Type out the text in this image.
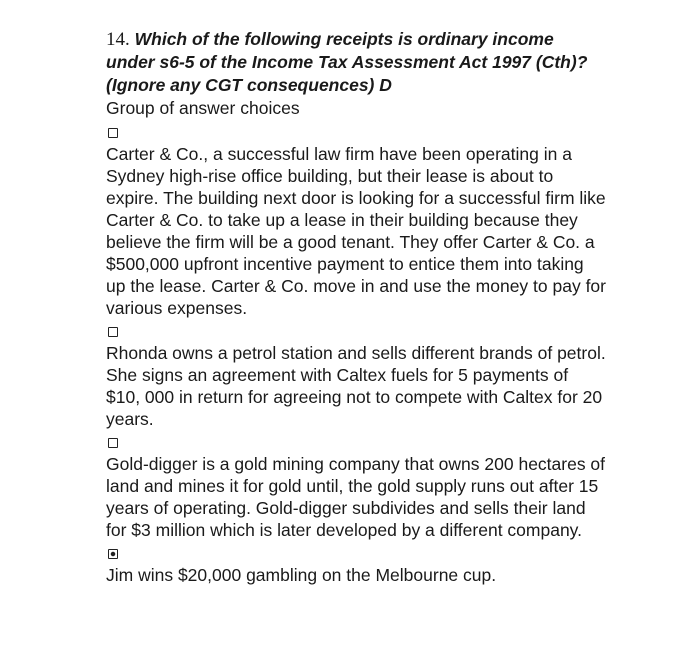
14. Which of the following receipts is ordinary income under s6-5 of the Income Tax Assessment Act 1997 (Cth)? (Ignore any CGT consequences) D

Group of answer choices
Carter & Co., a successful law firm have been operating in a Sydney high-rise office building, but their lease is about to expire. The building next door is looking for a successful firm like Carter & Co. to take up a lease in their building because they believe the firm will be a good tenant. They offer Carter & Co. a $500,000 upfront incentive payment to entice them into taking up the lease. Carter & Co. move in and use the money to pay for various expenses.
Rhonda owns a petrol station and sells different brands of petrol. She signs an agreement with Caltex fuels for 5 payments of $10, 000 in return for agreeing not to compete with Caltex for 20 years.
Gold-digger is a gold mining company that owns 200 hectares of land and mines it for gold until, the gold supply runs out after 15 years of operating. Gold-digger subdivides and sells their land for $3 million which is later developed by a different company.
Jim wins $20,000 gambling on the Melbourne cup.
